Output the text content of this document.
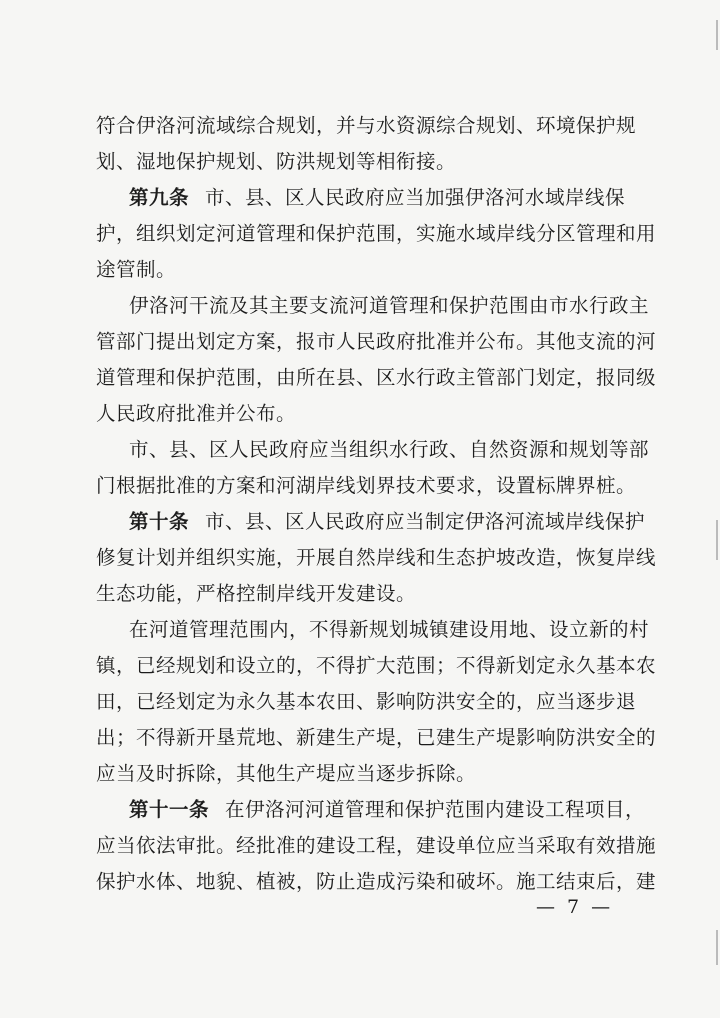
符合伊洛河流域综合规划，并与水资源综合规划、环境保护规
划、湿地保护规划、防洪规划等相衔接。
第九条 市、县、区人民政府应当加强伊洛河水域岸线保
护，组织划定河道管理和保护范围，实施水域岸线分区管理和用
途管制。
伊洛河干流及其主要支流河道管理和保护范围由市水行政主
管部门提出划定方案，报市人民政府批准并公布。其他支流的河
道管理和保护范围，由所在县、区水行政主管部门划定，报同级
人民政府批准并公布。
市、县、区人民政府应当组织水行政、自然资源和规划等部
门根据批准的方案和河湖岸线划界技术要求，设置标牌界桩。
第十条 市、县、区人民政府应当制定伊洛河流域岸线保护
修复计划并组织实施，开展自然岸线和生态护坡改造，恢复岸线
生态功能，严格控制岸线开发建设。
在河道管理范围内，不得新规划城镇建设用地、设立新的村
镇，已经规划和设立的，不得扩大范围；不得新划定永久基本农
田，已经划定为永久基本农田、影响防洪安全的，应当逐步退
出；不得新开垦荒地、新建生产堤，已建生产堤影响防洪安全的
应当及时拆除，其他生产堤应当逐步拆除。
第十一条 在伊洛河河道管理和保护范围内建设工程项目，
应当依法审批。经批准的建设工程，建设单位应当采取有效措施
保护水体、地貌、植被，防止造成污染和破坏。施工结束后，建
— 7 —
